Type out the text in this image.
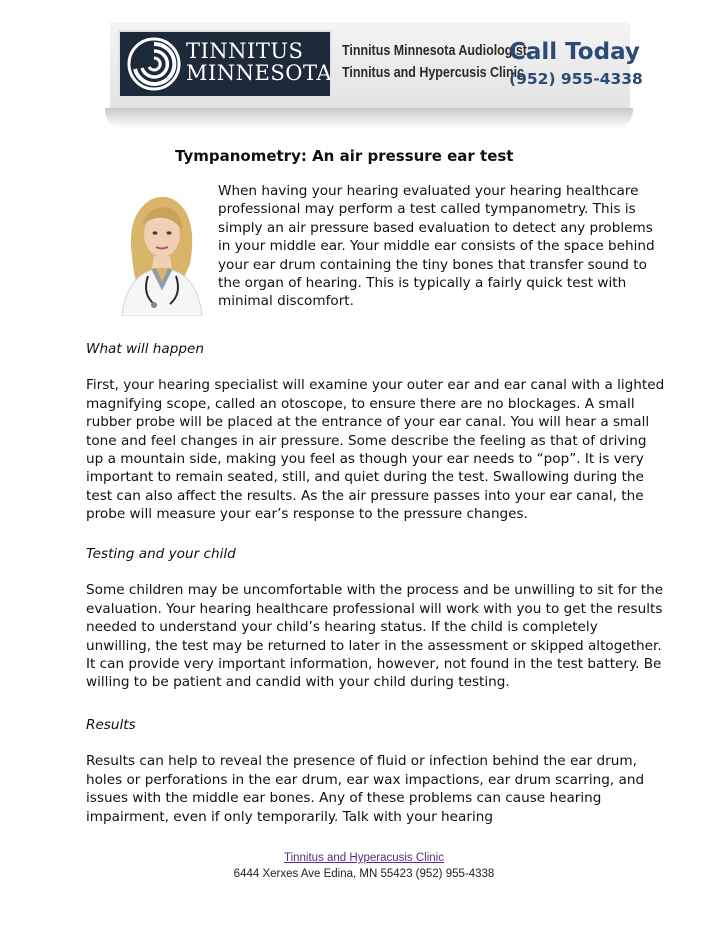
TINNITUS
MINNESOTA
Tinnitus Minnesota Audiologist
Tinnitus and Hypercusis Clinic
Call Today
(952) 955-4338
Tympanometry: An air pressure ear test
When having your hearing evaluated your hearing healthcare professional may perform a test called tympanometry. This is simply an air pressure based evaluation to detect any problems in your middle ear. Your middle ear consists of the space behind your ear drum containing the tiny bones that transfer sound to the organ of hearing. This is typically a fairly quick test with minimal discomfort.
What will happen
First, your hearing specialist will examine your outer ear and ear canal with a lighted magnifying scope, called an otoscope, to ensure there are no blockages. A small rubber probe will be placed at the entrance of your ear canal. You will hear a small tone and feel changes in air pressure. Some describe the feeling as that of driving up a mountain side, making you feel as though your ear needs to “pop”. It is very important to remain seated, still, and quiet during the test. Swallowing during the test can also affect the results. As the air pressure passes into your ear canal, the probe will measure your ear’s response to the pressure changes.
Testing and your child
Some children may be uncomfortable with the process and be unwilling to sit for the evaluation. Your hearing healthcare professional will work with you to get the results needed to understand your child’s hearing status. If the child is completely unwilling, the test may be returned to later in the assessment or skipped altogether. It can provide very important information, however, not found in the test battery. Be willing to be patient and candid with your child during testing.
Results
Results can help to reveal the presence of fluid or infection behind the ear drum, holes or perforations in the ear drum, ear wax impactions, ear drum scarring, and issues with the middle ear bones. Any of these problems can cause hearing impairment, even if only temporarily. Talk with your hearing
Tinnitus and Hyperacusis Clinic
6444 Xerxes Ave Edina, MN 55423 (952) 955-4338
